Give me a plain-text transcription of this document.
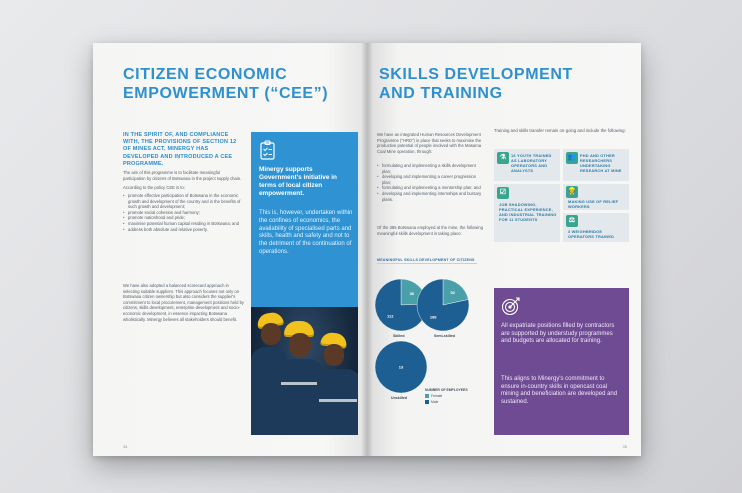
CITIZEN ECONOMIC
EMPOWERMENT (“CEE”)
IN THE SPIRIT OF, AND COMPLIANCE WITH, THE PROVISIONS OF SECTION 12 OF MINES ACT, MINERGY HAS DEVELOPED AND INTRODUCED A CEE PROGRAMME.
The aim of this programme is to facilitate meaningful participation by citizens of Botswana in the project supply chain.
According to the policy CEE is to:
• promote effective participation of Botswana in the economic growth and development of the country and in the benefits of such growth and development;
• promote social cohesion and harmony;
• promote nationhood and pride;
• maximise potential human capital residing in Botswana; and
• address both absolute and relative poverty.
We have also adopted a balanced scorecard approach in selecting suitable suppliers. This approach focuses not only on Botswana citizen ownership but also considers the supplier's commitment to local procurement, management positions held by citizens, skills development, enterprise development and socio-economic development, in essence impacting Botswana wholistically. Minergy believes all stakeholders should benefit.
Minergy supports Government's initiative in terms of local citizen empowerment.
This is, however, undertaken within the confines of economics, the availability of specialised parts and skills, health and safety and not to the detriment of the continuation of operations.
34
SKILLS DEVELOPMENT
AND TRAINING
We have an integrated Human Resources Development Programme ("HRD") in place that seeks to maximise the productive potential of people involved with the Masama Coal Mine operation, through:
• formulating and implementing a skills development plan;
• developing and implementing a career progression plan;
• formulating and implementing a mentorship plan; and
• developing and implementing internships and bursary plans.
Of the 385 Botswana employed at the mine, the following meaningful skills development is taking place:
MEANINGFUL SKILLS DEVELOPMENT OF CITIZENS
36
112
52
189
13
Skilled	Semi-skilled
Unskilled
NUMBER OF EMPLOYEES
Female
Male
Training and skills transfer remain on-going and include the following:
⚗	16 YOUTH TRAINED AS LABORATORY OPERATORS AND ANALYSTS
👥 PHD AND OTHER RESEARCHERS UNDERTAKING RESEARCH AT MINE
☑
JOB SHADOWING, PRACTICAL EXPERIENCE, AND INDUSTRIAL TRAINING FOR 11 STUDENTS
👷
MAKING USE OF RELIEF WORKERS
⚖
3 WEIGHBRIDGE OPERATORS TRAINED
All expatriate positions filled by contractors are supported by understudy programmes and budgets are allocated for training.
This aligns to Minergy's commitment to ensure in-country skills in opencast coal mining and beneficiation are developed and sustained.
35
